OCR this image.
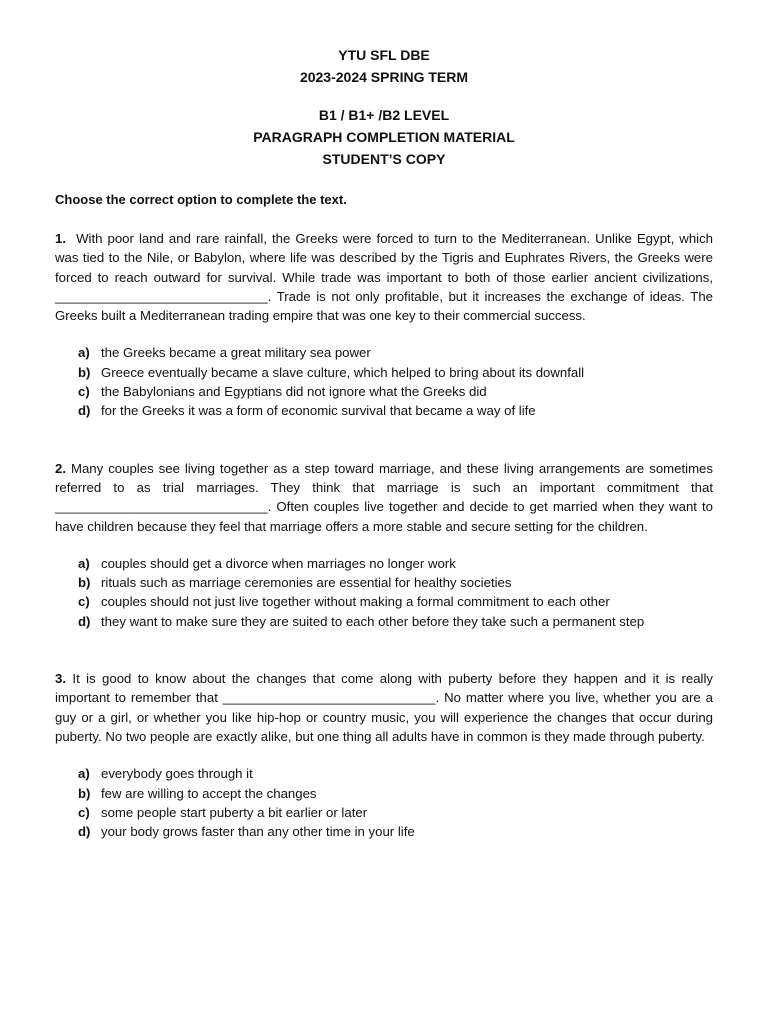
YTU SFL DBE
2023-2024 SPRING TERM
B1 / B1+ /B2 LEVEL
PARAGRAPH COMPLETION MATERIAL
STUDENT’S COPY
Choose the correct option to complete the text.

1. With poor land and rare rainfall, the Greeks were forced to turn to the Mediterranean. Unlike Egypt, which was tied to the Nile, or Babylon, where life was described by the Tigris and Euphrates Rivers, the Greeks were forced to reach outward for survival. While trade was important to both of those earlier ancient civilizations, _____________________________. Trade is not only profitable, but it increases the exchange of ideas. The Greeks built a Mediterranean trading empire that was one key to their commercial success.

a) the Greeks became a great military sea power
b) Greece eventually became a slave culture, which helped to bring about its downfall
c) the Babylonians and Egyptians did not ignore what the Greeks did
d) for the Greeks it was a form of economic survival that became a way of life

2. Many couples see living together as a step toward marriage, and these living arrangements are sometimes referred to as trial marriages. They think that marriage is such an important commitment that _____________________________. Often couples live together and decide to get married when they want to have children because they feel that marriage offers a more stable and secure setting for the children.

a) couples should get a divorce when marriages no longer work
b) rituals such as marriage ceremonies are essential for healthy societies
c) couples should not just live together without making a formal commitment to each other
d) they want to make sure they are suited to each other before they take such a permanent step

3. It is good to know about the changes that come along with puberty before they happen and it is really important to remember that _____________________________. No matter where you live, whether you are a guy or a girl, or whether you like hip-hop or country music, you will experience the changes that occur during puberty. No two people are exactly alike, but one thing all adults have in common is they made through puberty.

a) everybody goes through it
b) few are willing to accept the changes
c) some people start puberty a bit earlier or later
d) your body grows faster than any other time in your life
